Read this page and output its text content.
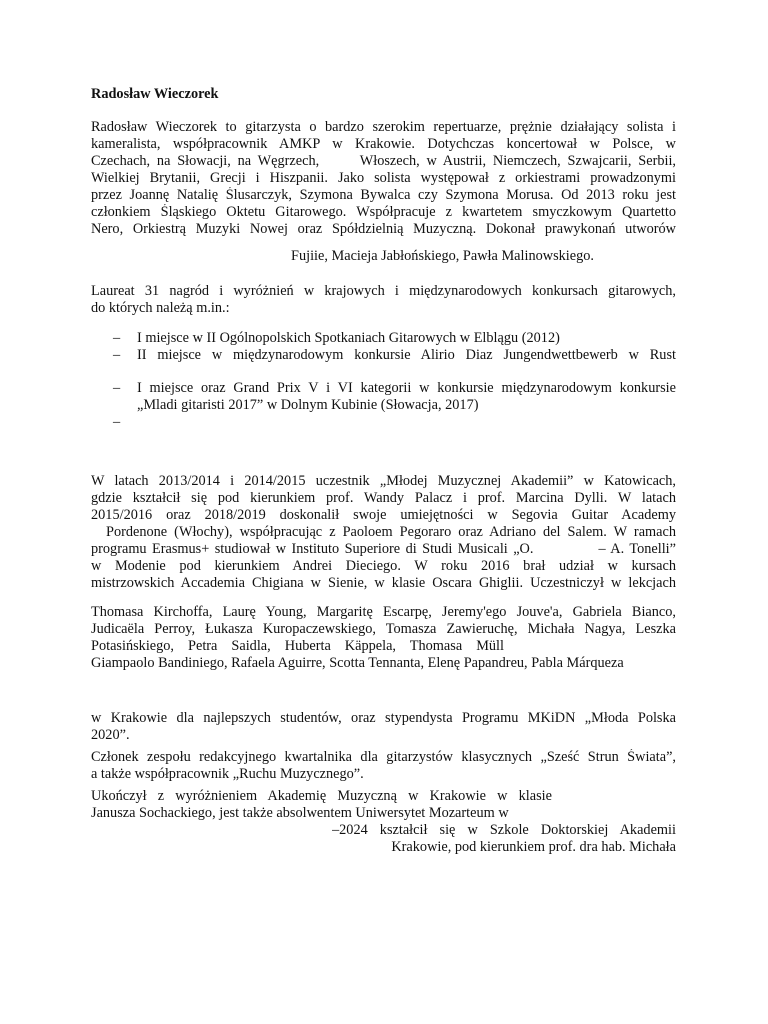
Radosław Wieczorek
Radosław Wieczorek to gitarzysta o bardzo szerokim repertuarze, prężnie działający solista i
kameralista, współpracownik AMKP w Krakowie. Dotychczas koncertował w Polsce, w
Czechach, na Słowacji, na Węgrzech,      Włoszech, w Austrii, Niemczech, Szwajcarii, Serbii,
Wielkiej Brytanii, Grecji i Hiszpanii. Jako solista występował z orkiestrami prowadzonymi
przez Joannę Natalię Ślusarczyk, Szymona Bywalca czy Szymona Morusa. Od 2013 roku jest
członkiem Śląskiego Oktetu Gitarowego. Współpracuje z kwartetem smyczkowym Quartetto
Nero, Orkiestrą Muzyki Nowej oraz Spółdzielnią Muzyczną. Dokonał prawykonań utworów
Fujiie, Macieja Jabłońskiego, Pawła Malinowskiego.
Laureat 31 nagród i wyróżnień w krajowych i międzynarodowych konkursach gitarowych,
do których należą m.in.:
– I miejsce w II Ogólnopolskich Spotkaniach Gitarowych w Elblągu (2012)
– II miejsce w międzynarodowym konkursie Alirio Diaz Jungendwettbewerb w Rust
– I miejsce oraz Grand Prix V i VI kategorii w konkursie międzynarodowym konkursie
„Mladi gitaristi 2017” w Dolnym Kubinie (Słowacja, 2017)
–
W latach 2013/2014 i 2014/2015 uczestnik „Młodej Muzycznej Akademii” w Katowicach,
gdzie kształcił się pod kierunkiem prof. Wandy Palacz i prof. Marcina Dylli. W latach
2015/2016 oraz 2018/2019 doskonalił swoje umiejętności w Segovia Guitar Academy
Pordenone (Włochy), współpracując z Paoloem Pegoraro oraz Adriano del Salem. W ramach
programu Erasmus+ studiował w Instituto Superiore di Studi Musicali „O.            – A. Tonelli”
w Modenie pod kierunkiem Andrei Dieciego. W roku 2016 brał udział w kursach
mistrzowskich Accademia Chigiana w Sienie, w klasie Oscara Ghiglii. Uczestniczył w lekcjach
Thomasa Kirchoffa, Laurę Young, Margaritę Escarpę, Jeremy'ego Jouve'a, Gabriela Bianco,
Judicaëla Perroy, Łukasza Kuropaczewskiego, Tomasza Zawieruchę, Michała Nagya, Leszka
Potasińskiego, Petra Saidla, Huberta Käppela, Thomasa Müll
Giampaolo Bandiniego, Rafaela Aguirre, Scotta Tennanta, Elenę Papandreu, Pabla Márqueza
w Krakowie dla najlepszych studentów, oraz stypendysta Programu MKiDN „Młoda Polska
2020”.
Członek zespołu redakcyjnego kwartalnika dla gitarzystów klasycznych „Sześć Strun Świata”,
a także współpracownik „Ruchu Muzycznego”.
Ukończył z wyróżnieniem Akademię Muzyczną w Krakowie w klasie
Janusza Sochackiego, jest także absolwentem Uniwersytet Mozarteum w
–2024 kształcił się w Szkole Doktorskiej Akademii
Krakowie, pod kierunkiem prof. dra hab. Michała
